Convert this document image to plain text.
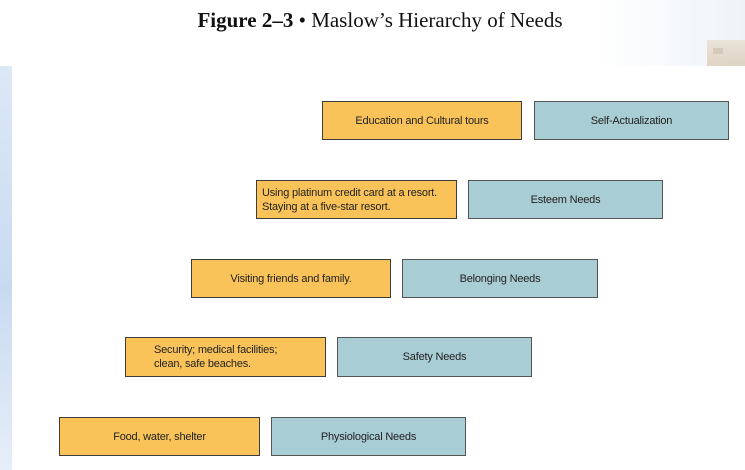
Figure 2–3 • Maslow’s Hierarchy of Needs
Education and Cultural tours	Self-Actualization
Using platinum credit card at a resort.
Staying at a five-star resort.
Esteem Needs
Visiting friends and family.	Belonging Needs
Security; medical facilities;
clean, safe beaches.
Safety Needs
Food, water, shelter	Physiological Needs
